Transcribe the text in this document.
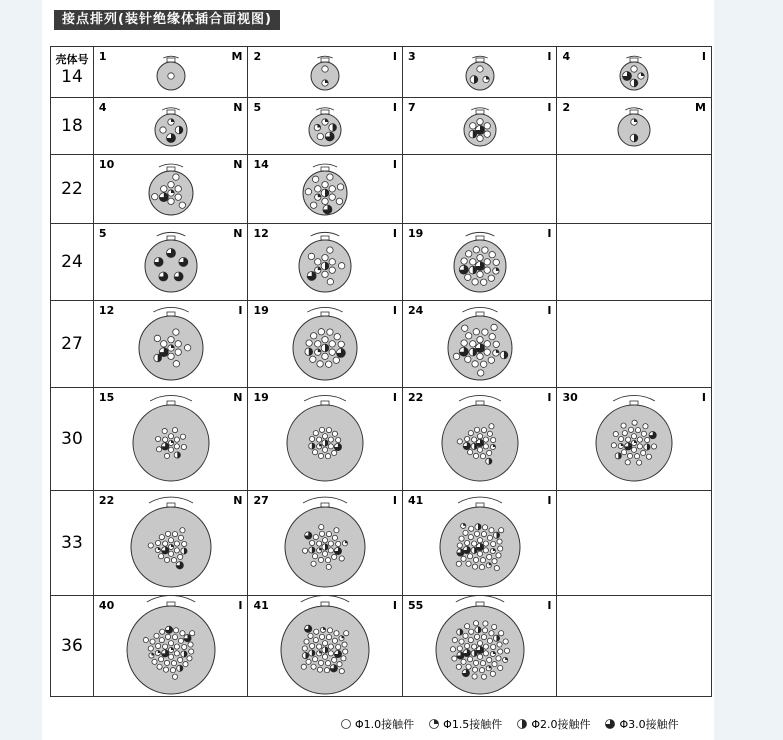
接点排列(装针绝缘体插合面视图)
壳体号
14	1 M	2 I	3 I	4 I

18	4 N	5 I	7 I	2 M

22	10 N	14 I		

24	5 N	12 I	19 I	

27	12 I	19 I	24 I	

30	15 N	19 I	22 I	30 I

33	22 N	27 I	41 I	

36	40 I	41 I	55 I	

Φ1.0接触件	Φ1.5接触件	Φ2.0接触件	Φ3.0接触件
